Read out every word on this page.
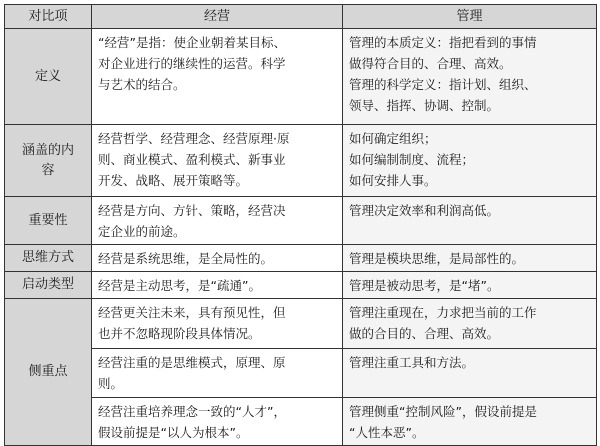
对比项	经营	管理
定义	“经营”是指：使企业朝着某目标、
对企业进行的继续性的运营。科学
与艺术的结合。	管理的本质定义：指把看到的事情
做得符合目的、合理、高效。
管理的科学定义：指计划、组织、
领导、指挥、协调、控制。

涵盖的内
容	经营哲学、经营理念、经营原理·原
则、商业模式、盈利模式、新事业
开发、战略、展开策略等。	如何确定组织；
如何编制制度、流程；
如何安排人事。

重要性	经营是方向、方针、策略，经营决
定企业的前途。	管理决定效率和利润高低。

思维方式	经营是系统思维，是全局性的。	管理是模块思维，是局部性的。

启动类型	经营是主动思考，是“疏通”。	管理是被动思考，是“堵”。

侧重点	经营更关注未来，具有预见性，但
也并不忽略现阶段具体情况。	管理注重现在，力求把当前的工作
做的合目的、合理、高效。

	经营注重的是思维模式，原理、原
则。	管理注重工具和方法。

	经营注重培养理念一致的“人才”，
假设前提是“以人为根本”。	管理侧重“控制风险”，假设前提是
“人性本恶”。
